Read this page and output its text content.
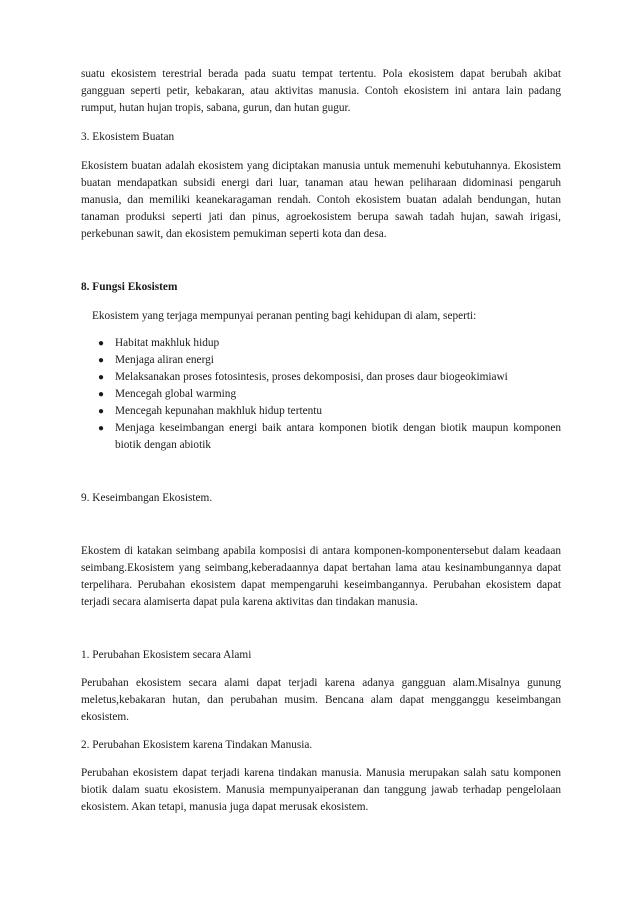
suatu ekosistem terestrial berada pada suatu tempat tertentu. Pola ekosistem dapat berubah akibat gangguan seperti petir, kebakaran, atau aktivitas manusia. Contoh ekosistem ini antara lain padang rumput, hutan hujan tropis, sabana, gurun, dan hutan gugur.

3. Ekosistem Buatan

Ekosistem buatan adalah ekosistem yang diciptakan manusia untuk memenuhi kebutuhannya. Ekosistem buatan mendapatkan subsidi energi dari luar, tanaman atau hewan peliharaan didominasi pengaruh manusia, dan memiliki keanekaragaman rendah. Contoh ekosistem buatan adalah bendungan, hutan tanaman produksi seperti jati dan pinus, agroekosistem berupa sawah tadah hujan, sawah irigasi, perkebunan sawit, dan ekosistem pemukiman seperti kota dan desa.

8. Fungsi Ekosistem

Ekosistem yang terjaga mempunyai peranan penting bagi kehidupan di alam, seperti:

● Habitat makhluk hidup
● Menjaga aliran energi
● Melaksanakan proses fotosintesis, proses dekomposisi, dan proses daur biogeokimiawi
● Mencegah global warming
● Mencegah kepunahan makhluk hidup tertentu
● Menjaga keseimbangan energi baik antara komponen biotik dengan biotik maupun komponen biotik dengan abiotik

9. Keseimbangan Ekosistem.

Ekostem di katakan seimbang apabila komposisi di antara komponen-komponentersebut dalam keadaan seimbang.Ekosistem yang seimbang,keberadaannya dapat bertahan lama atau kesinambungannya dapat terpelihara. Perubahan ekosistem dapat mempengaruhi keseimbangannya. Perubahan ekosistem dapat terjadi secara alamiserta dapat pula karena aktivitas dan tindakan manusia.

1. Perubahan Ekosistem secara Alami

Perubahan ekosistem secara alami dapat terjadi karena adanya gangguan alam.Misalnya gunung meletus,kebakaran hutan, dan perubahan musim. Bencana alam dapat mengganggu keseimbangan ekosistem.

2. Perubahan Ekosistem karena Tindakan Manusia.

Perubahan ekosistem dapat terjadi karena tindakan manusia. Manusia merupakan salah satu komponen biotik dalam suatu ekosistem. Manusia mempunyaiperanan dan tanggung jawab terhadap pengelolaan ekosistem. Akan tetapi, manusia juga dapat merusak ekosistem.
